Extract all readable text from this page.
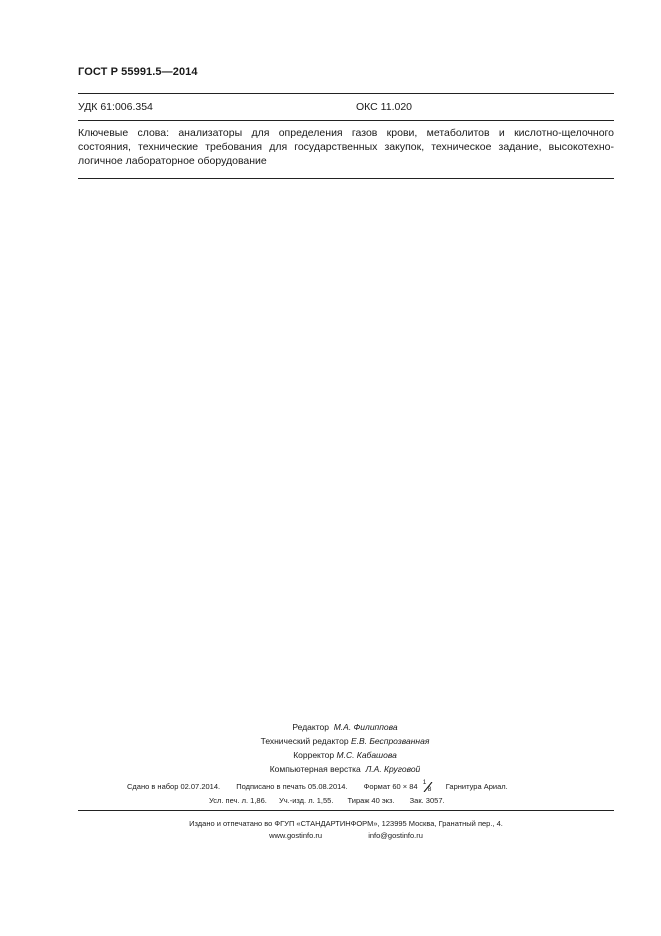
ГОСТ Р 55991.5—2014
УДК 61:006.354	ОКС 11.020
Ключевые слова: анализаторы для определения газов крови, метаболитов и кислотно-щелочного
состояния, технические требования для государственных закупок, техническое задание, высокотехно-
логичное лабораторное оборудование
Редактор М.А. Филиппова
Технический редактор Е.В. Беспрозванная
Корректор М.С. Кабашова
Компьютерная верстка Л.А. Круговой
Сдано в набор 02.07.2014. Подписано в печать 05.08.2014. Формат 60 × 84 1
8 Гарнитура Ариал.
Усл. печ. л. 1,86. Уч.-изд. л. 1,55. Тираж 40 экз. Зак. 3057.
Издано и отпечатано во ФГУП «СТАНДАРТИНФОРМ», 123995 Москва, Гранатный пер., 4.
www.gostinfo.ru	info@gostinfo.ru
